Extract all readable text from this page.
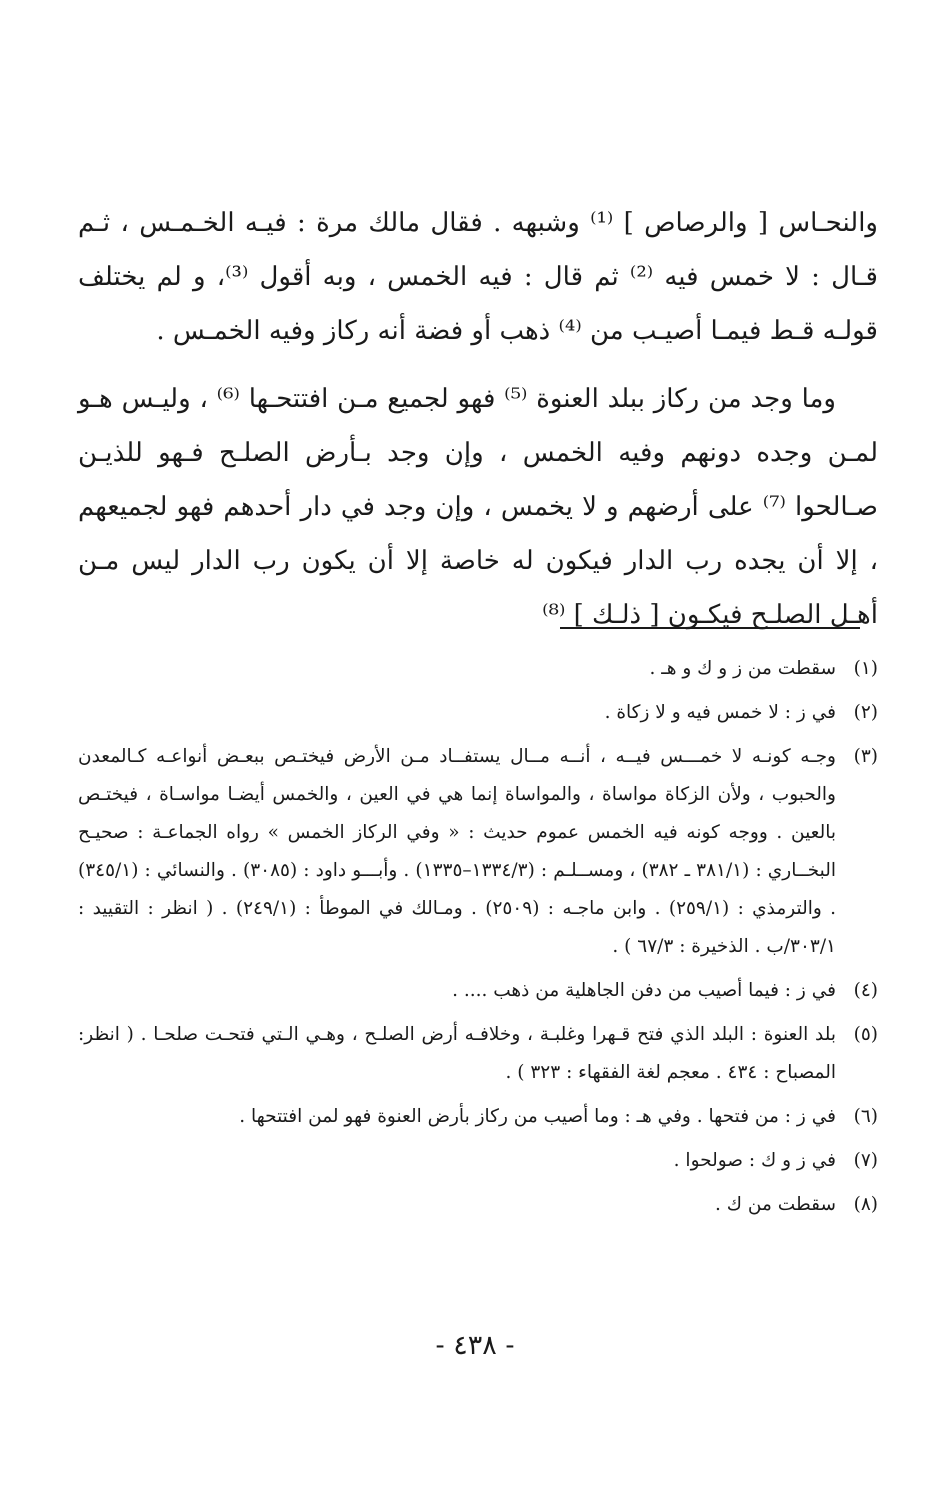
والنحـاس [ والرصاص ] ⁽¹⁾ وشبهه . فقال مالك مرة : فيـه الخـمـس ، ثـم قـال : لا خمس فيه ⁽²⁾ ثم قال : فيه الخمس ، وبه أقول ⁽³⁾، و لم يختلف قولـه قـط فيمـا أصيـب من ⁽⁴⁾ ذهب أو فضة أنه ركاز وفيه الخمـس .

وما وجد من ركاز ببلد العنوة ⁽⁵⁾ فهو لجميع مـن افتتحـها ⁽⁶⁾ ، وليـس هـو لمـن وجده دونهم وفيه الخمس ، وإن وجد بـأرض الصلـح فـهو للذيـن صـالحوا ⁽⁷⁾ على أرضهم و لا يخمس ، وإن وجد في دار أحدهم فهو لجميعهم ، إلا أن يجده رب الدار فيكون له خاصة إلا أن يكون رب الدار ليس مـن أهـل الصلـح فيكـون [ ذلـك ] ⁽⁸⁾

(١)
سقطت من ز و ك و هـ .
(٢)
في ز : لا خمس فيه و لا زكاة .
(٣)
وجـه كونـه لا خمـــس فيــه ، أنــه مــال يستفــاد مـن الأرض فيختـص ببعـض أنواعـه كـالمعدن والحبوب ، ولأن الزكاة مواساة ، والمواساة إنما هي في العين ، والخمس أيضـا مواسـاة ، فيختـص بالعين . ووجه كونه فيه الخمس عموم حديث : « وفي الركاز الخمس » رواه الجماعـة : صحيـح البخــاري : (٣٨١/١ ـ ٣٨٢) ، ومســلـم : (١٣٣٤/٣–١٣٣٥) . وأبـــو داود : (٣٠٨٥) . والنسائي : (٣٤٥/١) . والترمذي : (٢٥٩/١) . وابن ماجـه : (٢٥٠٩) . ومـالك في الموطأ : (٢٤٩/١) . ( انظر : التقييد : ٣٠٣/١/ب . الذخيرة : ٦٧/٣ ) .
(٤)
في ز : فيما أصيب من دفن الجاهلية من ذهب .... .
(٥)
بلد العنوة : البلد الذي فتح قـهرا وغلبـة ، وخلافـه أرض الصلـح ، وهـي الـتي فتحـت صلحـا . ( انظر: المصباح : ٤٣٤ . معجم لغة الفقهاء : ٣٢٣ ) .
(٦)
في ز : من فتحها . وفي هـ : وما أصيب من ركاز بأرض العنوة فهو لمن افتتحها .
(٧)
في ز و ك : صولحوا .
(٨)
سقطت من ك .
- ٤٣٨ -
